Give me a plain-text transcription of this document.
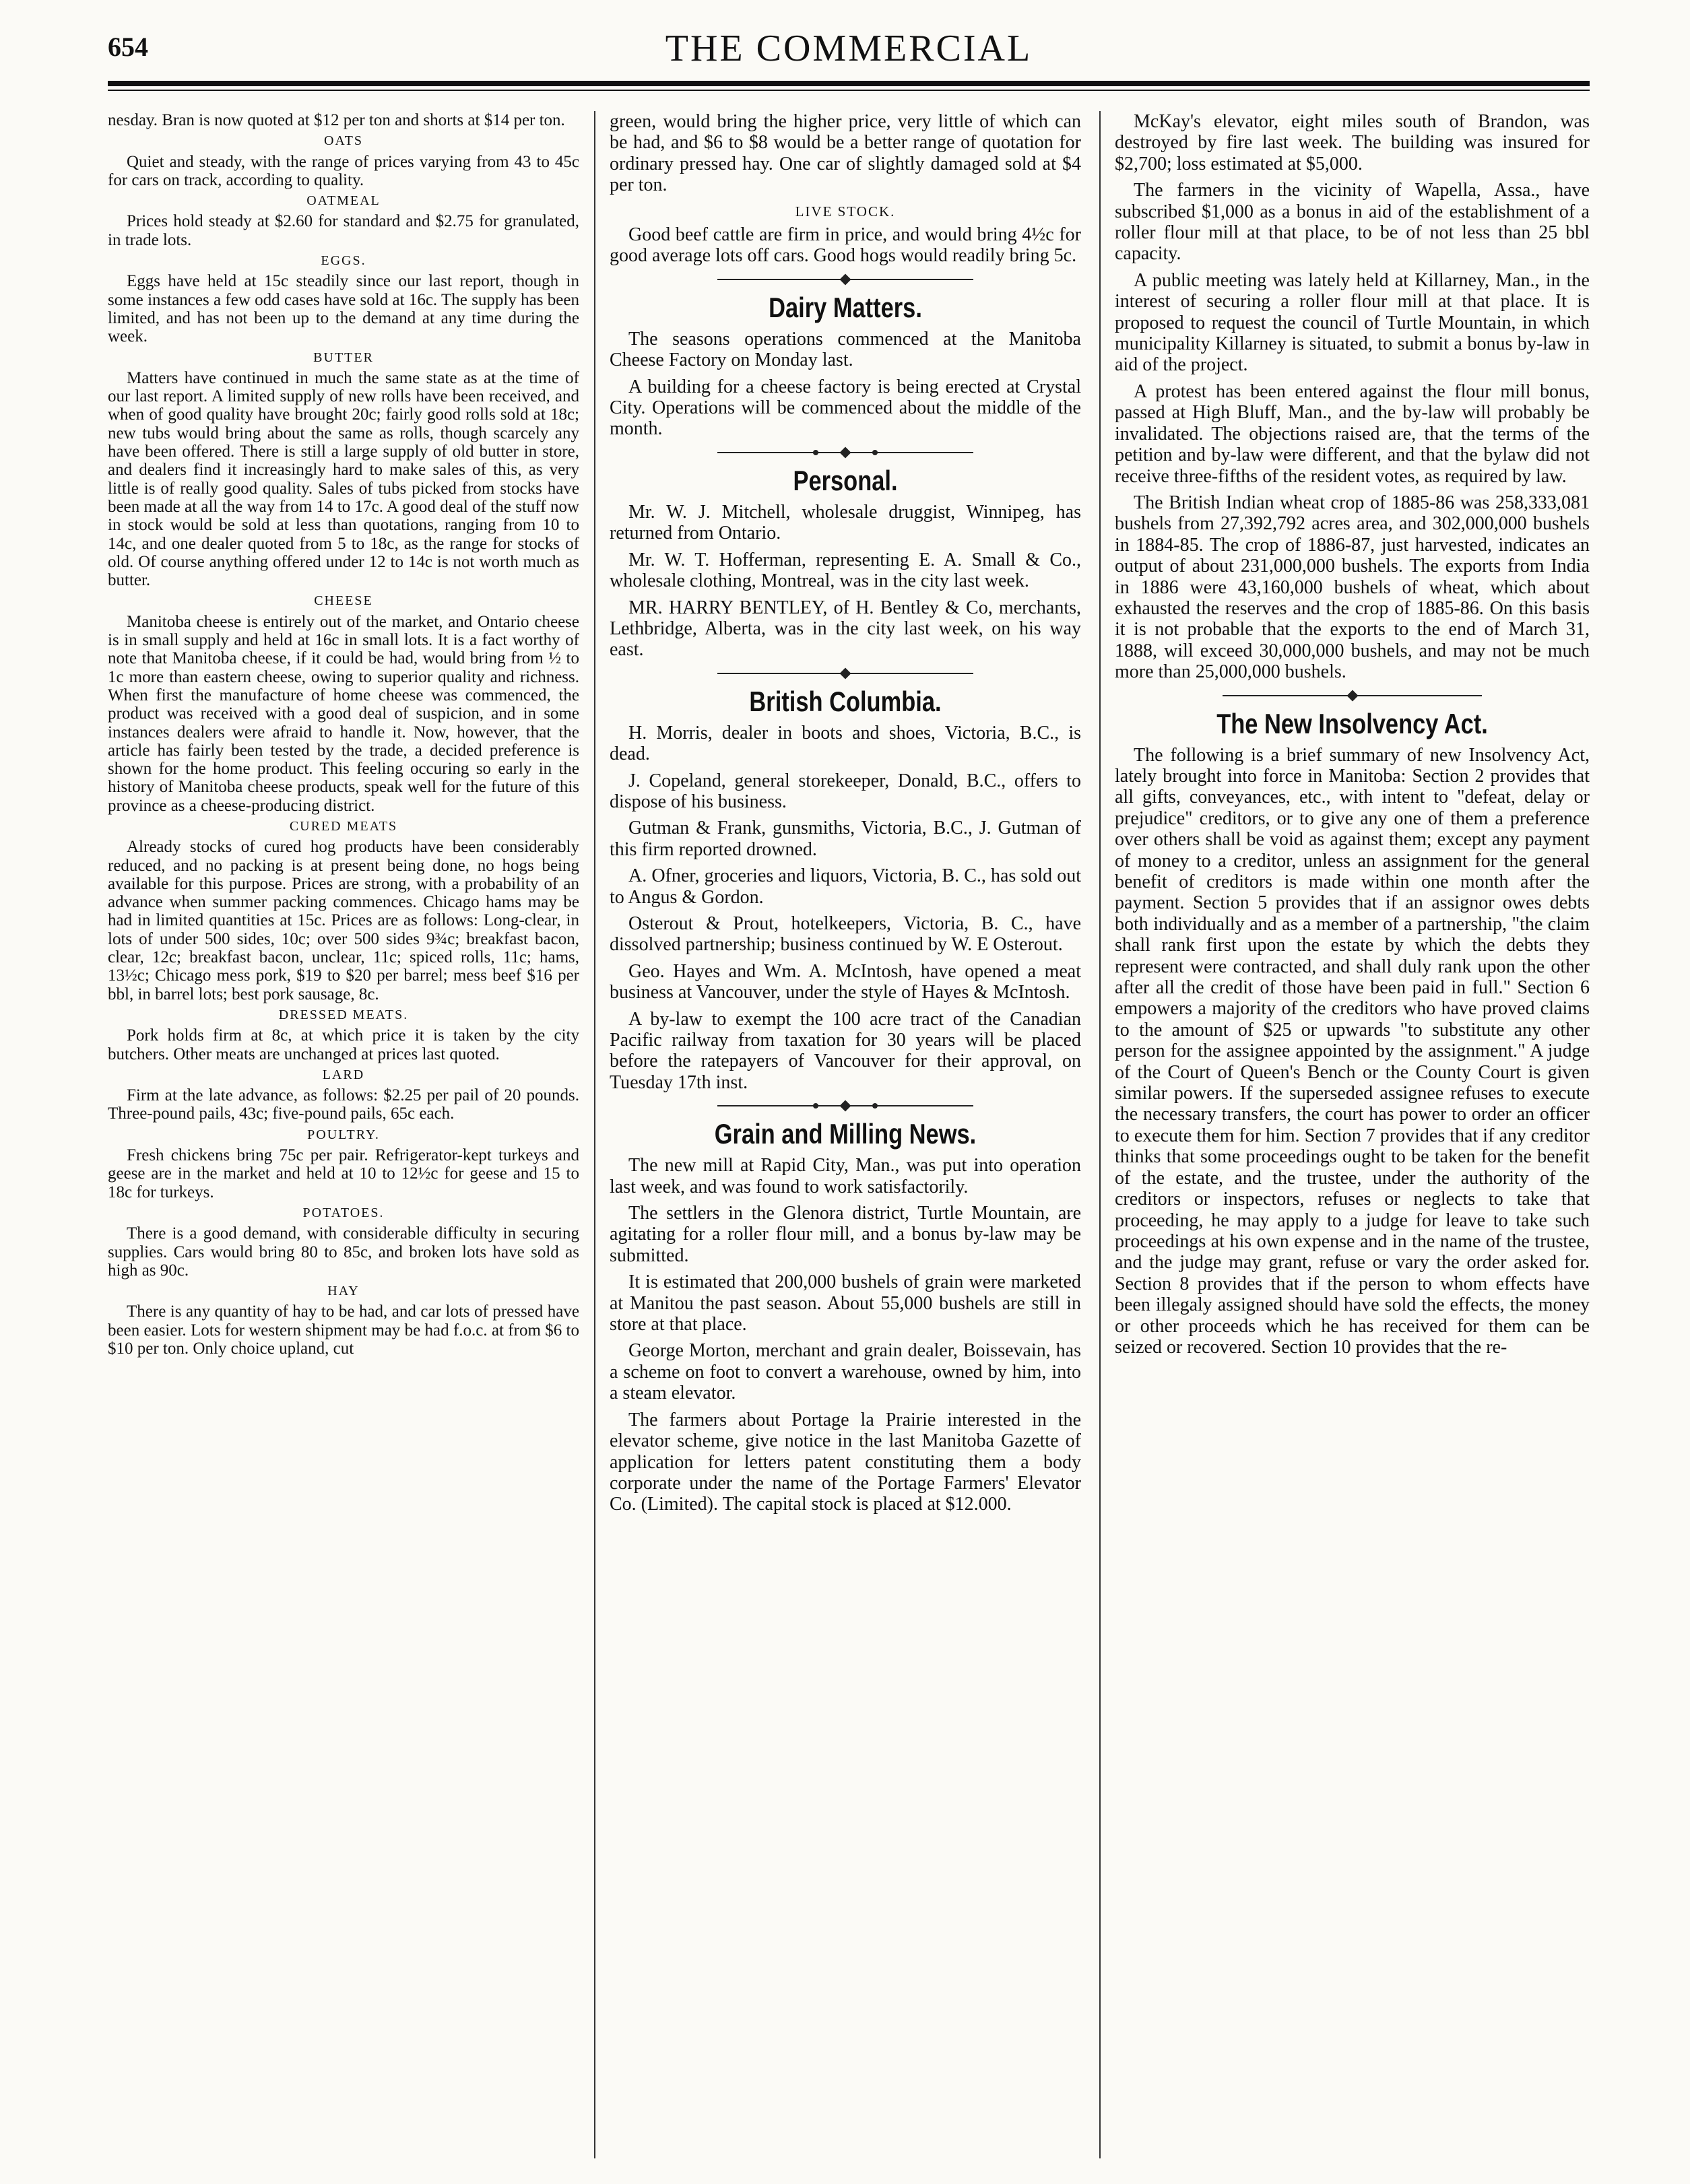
654	THE COMMERCIAL

nesday. Bran is now quoted at $12 per ton and shorts at $14 per ton.

OATS

Quiet and steady, with the range of prices varying from 43 to 45c for cars on track, according to quality.

OATMEAL

Prices hold steady at $2.60 for standard and $2.75 for granulated, in trade lots.

EGGS.

Eggs have held at 15c steadily since our last report, though in some instances a few odd cases have sold at 16c. The supply has been limited, and has not been up to the demand at any time during the week.

BUTTER

Matters have continued in much the same state as at the time of our last report. A limited supply of new rolls have been received, and when of good quality have brought 20c; fairly good rolls sold at 18c; new tubs would bring about the same as rolls, though scarcely any have been offered. There is still a large supply of old butter in store, and dealers find it increasingly hard to make sales of this, as very little is of really good quality. Sales of tubs picked from stocks have been made at all the way from 14 to 17c. A good deal of the stuff now in stock would be sold at less than quotations, ranging from 10 to 14c, and one dealer quoted from 5 to 18c, as the range for stocks of old. Of course anything offered under 12 to 14c is not worth much as butter.

CHEESE

Manitoba cheese is entirely out of the market, and Ontario cheese is in small supply and held at 16c in small lots. It is a fact worthy of note that Manitoba cheese, if it could be had, would bring from ½ to 1c more than eastern cheese, owing to superior quality and richness. When first the manufacture of home cheese was commenced, the product was received with a good deal of suspicion, and in some instances dealers were afraid to handle it. Now, however, that the article has fairly been tested by the trade, a decided preference is shown for the home product. This feeling occuring so early in the history of Manitoba cheese products, speak well for the future of this province as a cheese-producing district.

CURED MEATS

Already stocks of cured hog products have been considerably reduced, and no packing is at present being done, no hogs being available for this purpose. Prices are strong, with a probability of an advance when summer packing commences. Chicago hams may be had in limited quantities at 15c. Prices are as follows: Long-clear, in lots of under 500 sides, 10c; over 500 sides 9¾c; breakfast bacon, clear, 12c; breakfast bacon, unclear, 11c; spiced rolls, 11c; hams, 13½c; Chicago mess pork, $19 to $20 per barrel; mess beef $16 per bbl, in barrel lots; best pork sausage, 8c.

DRESSED MEATS.

Pork holds firm at 8c, at which price it is taken by the city butchers. Other meats are unchanged at prices last quoted.

LARD

Firm at the late advance, as follows: $2.25 per pail of 20 pounds. Three-pound pails, 43c; five-pound pails, 65c each.

POULTRY.

Fresh chickens bring 75c per pair. Refrigerator-kept turkeys and geese are in the market and held at 10 to 12½c for geese and 15 to 18c for turkeys.

POTATOES.

There is a good demand, with considerable difficulty in securing supplies. Cars would bring 80 to 85c, and broken lots have sold as high as 90c.

HAY

There is any quantity of hay to be had, and car lots of pressed have been easier. Lots for western shipment may be had f.o.c. at from $6 to $10 per ton. Only choice upland, cut

green, would bring the higher price, very little of which can be had, and $6 to $8 would be a better range of quotation for ordinary pressed hay. One car of slightly damaged sold at $4 per ton.

LIVE STOCK.

Good beef cattle are firm in price, and would bring 4½c for good average lots off cars. Good hogs would readily bring 5c.

Dairy Matters.

The seasons operations commenced at the Manitoba Cheese Factory on Monday last.

A building for a cheese factory is being erected at Crystal City. Operations will be commenced about the middle of the month.

Personal.

Mr. W. J. Mitchell, wholesale druggist, Winnipeg, has returned from Ontario.

Mr. W. T. Hofferman, representing E. A. Small & Co., wholesale clothing, Montreal, was in the city last week.

MR. HARRY BENTLEY, of H. Bentley & Co, merchants, Lethbridge, Alberta, was in the city last week, on his way east.

British Columbia.

H. Morris, dealer in boots and shoes, Victoria, B.C., is dead.

J. Copeland, general storekeeper, Donald, B.C., offers to dispose of his business.

Gutman & Frank, gunsmiths, Victoria, B.C., J. Gutman of this firm reported drowned.

A. Ofner, groceries and liquors, Victoria, B. C., has sold out to Angus & Gordon.

Osterout & Prout, hotelkeepers, Victoria, B. C., have dissolved partnership; business continued by W. E Osterout.

Geo. Hayes and Wm. A. McIntosh, have opened a meat business at Vancouver, under the style of Hayes & McIntosh.

A by-law to exempt the 100 acre tract of the Canadian Pacific railway from taxation for 30 years will be placed before the ratepayers of Vancouver for their approval, on Tuesday 17th inst.

Grain and Milling News.

The new mill at Rapid City, Man., was put into operation last week, and was found to work satisfactorily.

The settlers in the Glenora district, Turtle Mountain, are agitating for a roller flour mill, and a bonus by-law may be submitted.

It is estimated that 200,000 bushels of grain were marketed at Manitou the past season. About 55,000 bushels are still in store at that place.

George Morton, merchant and grain dealer, Boissevain, has a scheme on foot to convert a warehouse, owned by him, into a steam elevator.

The farmers about Portage la Prairie interested in the elevator scheme, give notice in the last Manitoba Gazette of application for letters patent constituting them a body corporate under the name of the Portage Farmers' Elevator Co. (Limited). The capital stock is placed at $12.000.

McKay's elevator, eight miles south of Brandon, was destroyed by fire last week. The building was insured for $2,700; loss estimated at $5,000.

The farmers in the vicinity of Wapella, Assa., have subscribed $1,000 as a bonus in aid of the establishment of a roller flour mill at that place, to be of not less than 25 bbl capacity.

A public meeting was lately held at Killarney, Man., in the interest of securing a roller flour mill at that place. It is proposed to request the council of Turtle Mountain, in which municipality Killarney is situated, to submit a bonus by-law in aid of the project.

A protest has been entered against the flour mill bonus, passed at High Bluff, Man., and the by-law will probably be invalidated. The objections raised are, that the terms of the petition and by-law were different, and that the bylaw did not receive three-fifths of the resident votes, as required by law.

The British Indian wheat crop of 1885-86 was 258,333,081 bushels from 27,392,792 acres area, and 302,000,000 bushels in 1884-85. The crop of 1886-87, just harvested, indicates an output of about 231,000,000 bushels. The exports from India in 1886 were 43,160,000 bushels of wheat, which about exhausted the reserves and the crop of 1885-86. On this basis it is not probable that the exports to the end of March 31, 1888, will exceed 30,000,000 bushels, and may not be much more than 25,000,000 bushels.

The New Insolvency Act.

The following is a brief summary of new Insolvency Act, lately brought into force in Manitoba: Section 2 provides that all gifts, conveyances, etc., with intent to "defeat, delay or prejudice" creditors, or to give any one of them a preference over others shall be void as against them; except any payment of money to a creditor, unless an assignment for the general benefit of creditors is made within one month after the payment. Section 5 provides that if an assignor owes debts both individually and as a member of a partnership, "the claim shall rank first upon the estate by which the debts they represent were contracted, and shall duly rank upon the other after all the credit of those have been paid in full." Section 6 empowers a majority of the creditors who have proved claims to the amount of $25 or upwards "to substitute any other person for the assignee appointed by the assignment." A judge of the Court of Queen's Bench or the County Court is given similar powers. If the superseded assignee refuses to execute the necessary transfers, the court has power to order an officer to execute them for him. Section 7 provides that if any creditor thinks that some proceedings ought to be taken for the benefit of the estate, and the trustee, under the authority of the creditors or inspectors, refuses or neglects to take that proceeding, he may apply to a judge for leave to take such proceedings at his own expense and in the name of the trustee, and the judge may grant, refuse or vary the order asked for. Section 8 provides that if the person to whom effects have been illegaly assigned should have sold the effects, the money or other proceeds which he has received for them can be seized or recovered. Section 10 provides that the re-
